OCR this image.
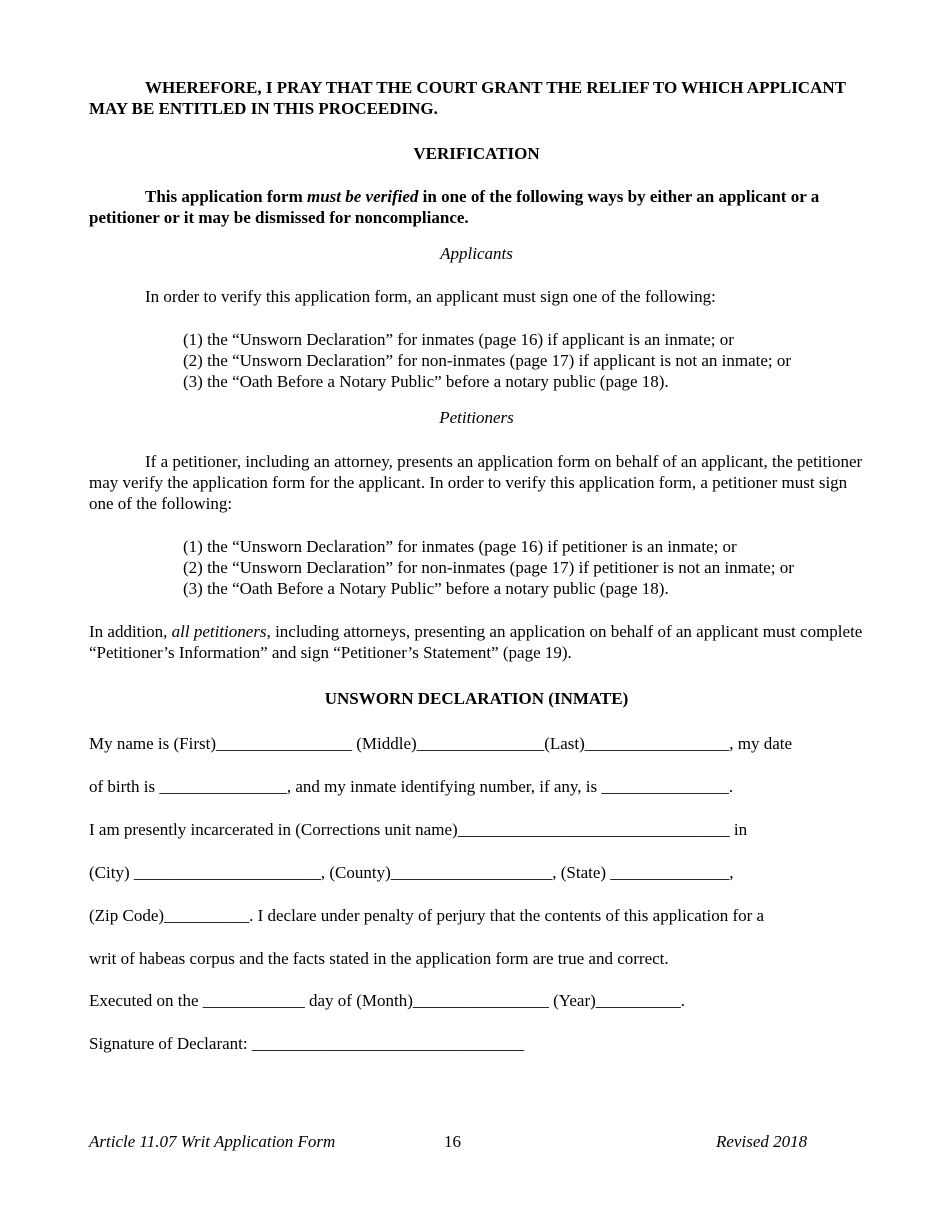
WHEREFORE, I PRAY THAT THE COURT GRANT THE RELIEF TO WHICH APPLICANT MAY BE ENTITLED IN THIS PROCEEDING.
VERIFICATION
This application form must be verified in one of the following ways by either an applicant or a petitioner or it may be dismissed for noncompliance.
Applicants
In order to verify this application form, an applicant must sign one of the following:
(1) the “Unsworn Declaration” for inmates (page 16) if applicant is an inmate; or
(2) the “Unsworn Declaration” for non-inmates (page 17) if applicant is not an inmate; or
(3) the “Oath Before a Notary Public” before a notary public (page 18).
Petitioners
If a petitioner, including an attorney, presents an application form on behalf of an applicant, the petitioner may verify the application form for the applicant. In order to verify this application form, a petitioner must sign one of the following:
(1) the “Unsworn Declaration” for inmates (page 16) if petitioner is an inmate; or
(2) the “Unsworn Declaration” for non-inmates (page 17) if petitioner is not an inmate; or
(3) the “Oath Before a Notary Public” before a notary public (page 18).
In addition, all petitioners, including attorneys, presenting an application on behalf of an applicant must complete “Petitioner’s Information” and sign “Petitioner’s Statement” (page 19).
UNSWORN DECLARATION (INMATE)
My name is (First)________________ (Middle)_______________(Last)_________________, my date
of birth is _______________, and my inmate identifying number, if any, is _______________.
I am presently incarcerated in (Corrections unit name)________________________________ in
(City) ______________________, (County)___________________, (State) ______________,
(Zip Code)__________. I declare under penalty of perjury that the contents of this application for a
writ of habeas corpus and the facts stated in the application form are true and correct.
Executed on the ____________ day of (Month)________________ (Year)__________.
Signature of Declarant: ________________________________
Article 11.07 Writ Application Form	16	Revised 2018
